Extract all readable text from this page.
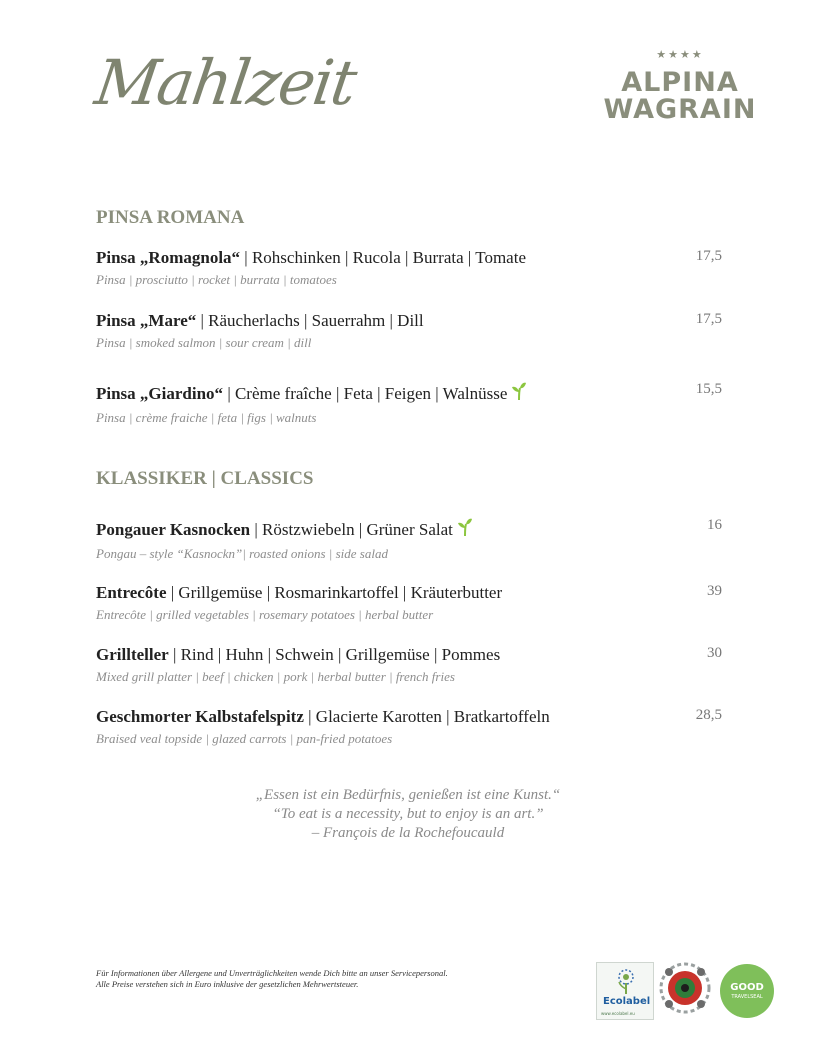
Mahlzeit	★★★★
ALPINA
WAGRAIN
PINSA ROMANA
Pinsa „Romagnola“ | Rohschinken | Rucola | Burrata | Tomate
Pinsa | prosciutto | rocket | burrata | tomatoes
17,5
Pinsa „Mare“ | Räucherlachs | Sauerrahm | Dill
Pinsa | smoked salmon | sour cream | dill
17,5
Pinsa „Giardino“ | Crème fraîche | Feta | Feigen | Walnüsse
Pinsa | crème fraiche | feta | figs | walnuts
15,5
KLASSIKER | CLASSICS
Pongauer Kasnocken | Röstzwiebeln | Grüner Salat
Pongau – style “Kasnockn”| roasted onions | side salad
16
Entrecôte | Grillgemüse | Rosmarinkartoffel | Kräuterbutter
Entrecôte | grilled vegetables | rosemary potatoes | herbal butter
39
Grillteller | Rind | Huhn | Schwein | Grillgemüse | Pommes
Mixed grill platter | beef | chicken | pork | herbal butter | french fries
30
Geschmorter Kalbstafelspitz | Glacierte Karotten | Bratkartoffeln
Braised veal topside | glazed carrots | pan-fried potatoes
28,5
„Essen ist ein Bedürfnis, genießen ist eine Kunst.“
“To eat is a necessity, but to enjoy is an art.”
– François de la Rochefoucauld
Für Informationen über Allergene und Unverträglichkeiten wende Dich bitte an unser Servicepersonal.
Alle Preise verstehen sich in Euro inklusive der gesetzlichen Mehrwertsteuer.
Ecolabel
www.ecolabel.eu
GOOD
TRAVELSEAL
